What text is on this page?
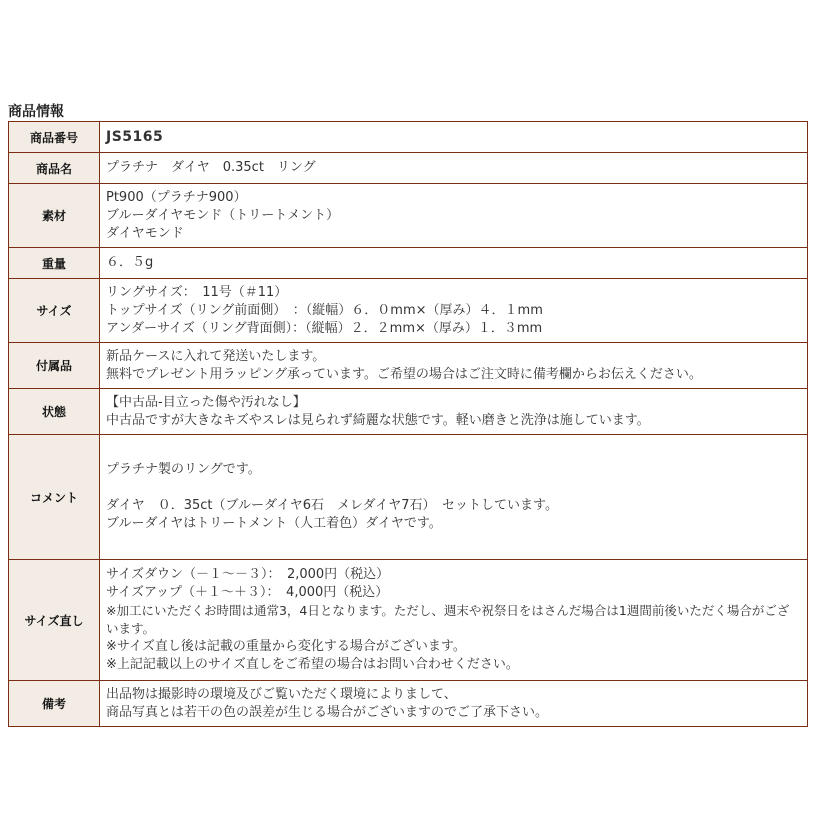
商品情報
商品番号	JS5165

商品名	プラチナ　ダイヤ　0.35ct　リング

素材	Pt900（プラチナ900）
ブルーダイヤモンド（トリートメント）
ダイヤモンド

重量	６．５g

サイズ	リングサイズ：　11号（＃11）
トップサイズ（リング前面側）　：（縦幅）６．０mm×（厚み）４．１mm
アンダーサイズ（リング背面側）：（縦幅）２．２mm×（厚み）１．３mm

付属品	新品ケースに入れて発送いたします。
無料でプレゼント用ラッピング承っています。ご希望の場合はご注文時に備考欄からお伝えください。

状態	【中古品-目立った傷や汚れなし】
中古品ですが大きなキズやスレは見られず綺麗な状態です。軽い磨きと洗浄は施しています。

コメント	プラチナ製のリングです。
ダイヤ　０．35ct（ブルーダイヤ6石　メレダイヤ7石）　セットしています。
ブルーダイヤはトリートメント（人工着色）ダイヤです。

サイズ直し	サイズダウン（－１～－３）：　2,000円（税込）
サイズアップ（＋１～＋３）：　4,000円（税込）
※加工にいただくお時間は通常3，4日となります。ただし、週末や祝祭日をはさんだ場合は1週間前後いただく場合がございます。
※サイズ直し後は記載の重量から変化する場合がございます。
※上記記載以上のサイズ直しをご希望の場合はお問い合わせください。

備考	出品物は撮影時の環境及びご覧いただく環境によりまして、
商品写真とは若干の色の誤差が生じる場合がございますのでご了承下さい。
